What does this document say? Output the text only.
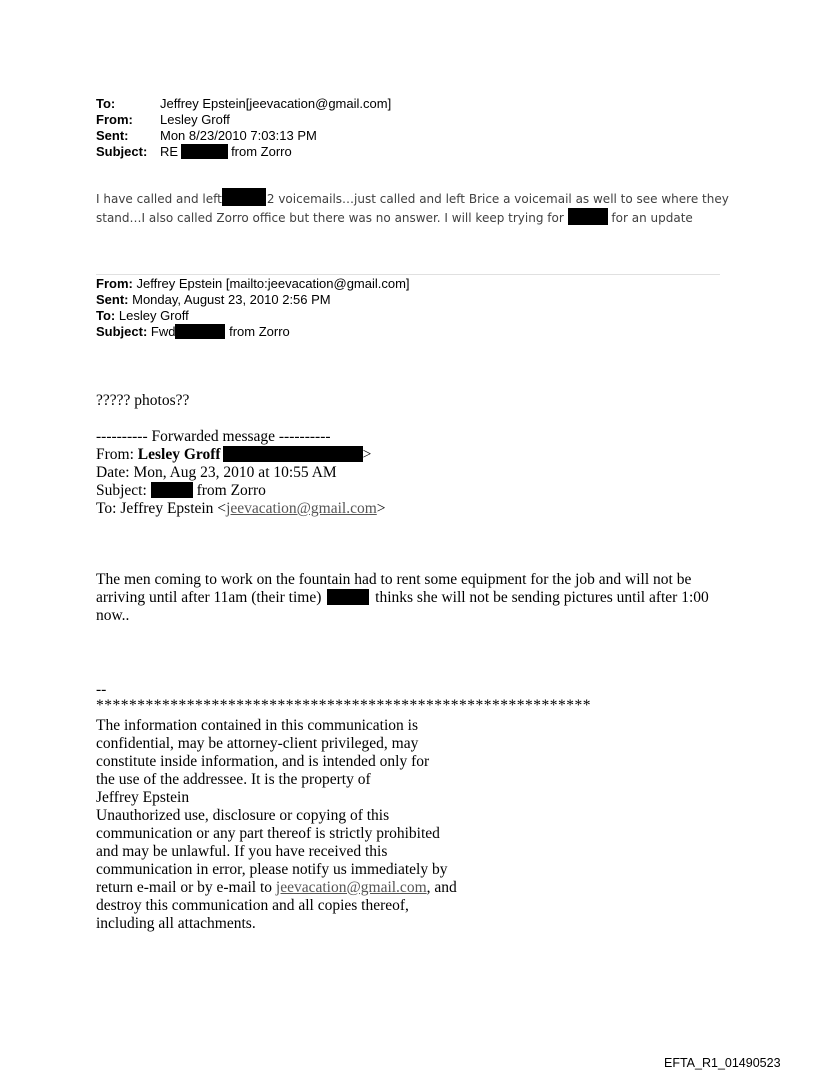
To:	Jeffrey Epstein[jeevacation@gmail.com]
From:	Lesley Groff
Sent:	Mon 8/23/2010 7:03:13 PM
Subject: RE	from Zorro
I have called and left	2 voicemails…just called and left Brice a voicemail as well to see where they stand…I also called Zorro office but there was no answer. I will keep trying for	for an update
From: Jeffrey Epstein [mailto:jeevacation@gmail.com]
Sent: Monday, August 23, 2010 2:56 PM
To: Lesley Groff
Subject: Fwd	from Zorro
????? photos??
---------- Forwarded message ----------
From: Lesley Groff	>
Date: Mon, Aug 23, 2010 at 10:55 AM
Subject:	from Zorro
To: Jeffrey Epstein <jeevacation@gmail.com>
The men coming to work on the fountain had to rent some equipment for the job and will not be arriving until after 11am (their time)	thinks she will not be sending pictures until after 1:00 now..
--
************************************************************
The information contained in this communication is
confidential, may be attorney-client privileged, may
constitute inside information, and is intended only for
the use of the addressee. It is the property of
Jeffrey Epstein
Unauthorized use, disclosure or copying of this
communication or any part thereof is strictly prohibited
and may be unlawful. If you have received this
communication in error, please notify us immediately by
return e-mail or by e-mail to jeevacation@gmail.com, and
destroy this communication and all copies thereof,
including all attachments.
EFTA_R1_01490523
